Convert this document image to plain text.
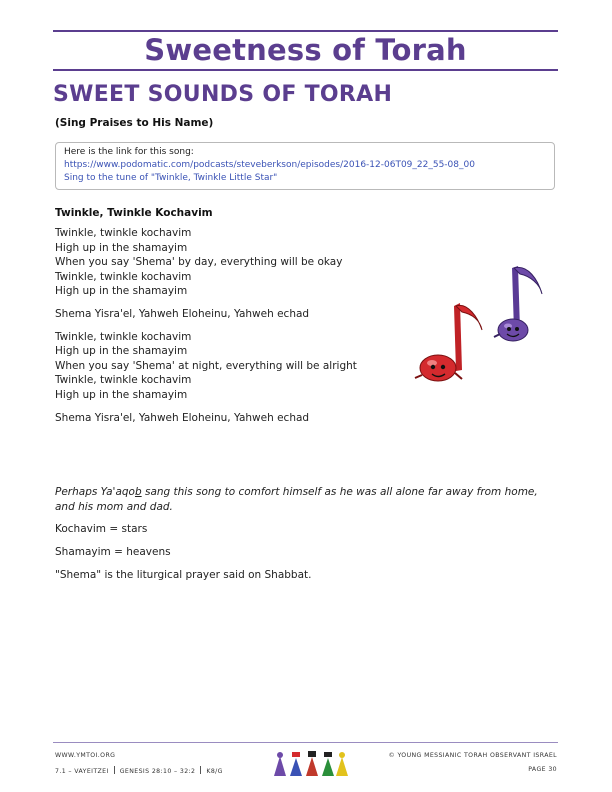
Sweetness of Torah
SWEET SOUNDS OF TORAH
(Sing Praises to His Name)
Here is the link for this song:
https://www.podomatic.com/podcasts/steveberkson/episodes/2016-12-06T09_22_55-08_00
Sing to the tune of "Twinkle, Twinkle Little Star"
Twinkle, Twinkle Kochavim
Twinkle, twinkle kochavim
High up in the shamayim
When you say 'Shema' by day, everything will be okay
Twinkle, twinkle kochavim
High up in the shamayim
Shema Yisra'el, Yahweh Eloheinu, Yahweh echad
Twinkle, twinkle kochavim
High up in the shamayim
When you say 'Shema' at night, everything will be alright
Twinkle, twinkle kochavim
High up in the shamayim
Shema Yisra'el, Yahweh Eloheinu, Yahweh echad
Perhaps Ya'aqob sang this song to comfort himself as he was all alone far away from home, and his mom and dad.
Kochavim = stars
Shamayim = heavens
"Shema" is the liturgical prayer said on Shabbat.
WWW.YMTOI.ORG
7.1 – VAYEITZEI GENESIS 28:10 – 32:2 K8/G
© YOUNG MESSIANIC TORAH OBSERVANT ISRAEL
PAGE 30
